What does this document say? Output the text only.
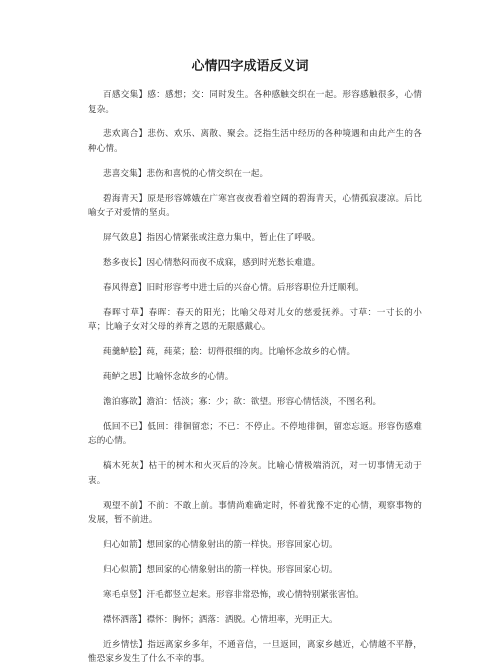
心情四字成语反义词
百感交集】感：感想；交：同时发生。各种感触交织在一起。形容感触很多，心情复杂。
悲欢离合】悲伤、欢乐、离散、聚会。泛指生活中经历的各种境遇和由此产生的各种心情。
悲喜交集】悲伤和喜悦的心情交织在一起。
碧海青天】原是形容嫦娥在广寒宫夜夜看着空阔的碧海青天，心情孤寂凄凉。后比喻女子对爱情的坚贞。
屏气敛息】指因心情紧张或注意力集中，暂止住了呼吸。
愁多夜长】因心情愁闷而夜不成寐，感到时光愁长难遣。
春风得意】旧时形容考中进士后的兴奋心情。后形容职位升迁顺利。
春晖寸草】春晖：春天的阳光；比喻父母对儿女的慈爱抚养。寸草：一寸长的小草；比喻子女对父母的养育之恩的无限感戴心。
莼羹鲈脍】莼，莼菜；脍：切得很细的肉。比喻怀念故乡的心情。
莼鲈之思】比喻怀念故乡的心情。
澹泊寡欲】澹泊：恬淡；寡：少；欲：欲望。形容心情恬淡，不图名利。
低回不已】低回：徘徊留恋；不已：不停止。不停地徘徊，留恋忘返。形容伤感难忘的心情。
槁木死灰】枯干的树木和火灭后的冷灰。比喻心情极端消沉，对一切事情无动于衷。
观望不前】不前：不敢上前。事情尚难确定时，怀着犹豫不定的心情，观察事物的发展，暂不前进。
归心如箭】想回家的心情象射出的箭一样快。形容回家心切。
归心似箭】想回家的心情象射出的箭一样快。形容回家心切。
寒毛卓竖】汗毛都竖立起来。形容非常恐怖，或心情特别紧张害怕。
襟怀洒落】襟怀：胸怀；洒落：洒脱。心情坦率，光明正大。
近乡情怯】指远离家乡多年，不通音信，一旦返回，离家乡越近，心情越不平静，惟恐家乡发生了什么不幸的事。
